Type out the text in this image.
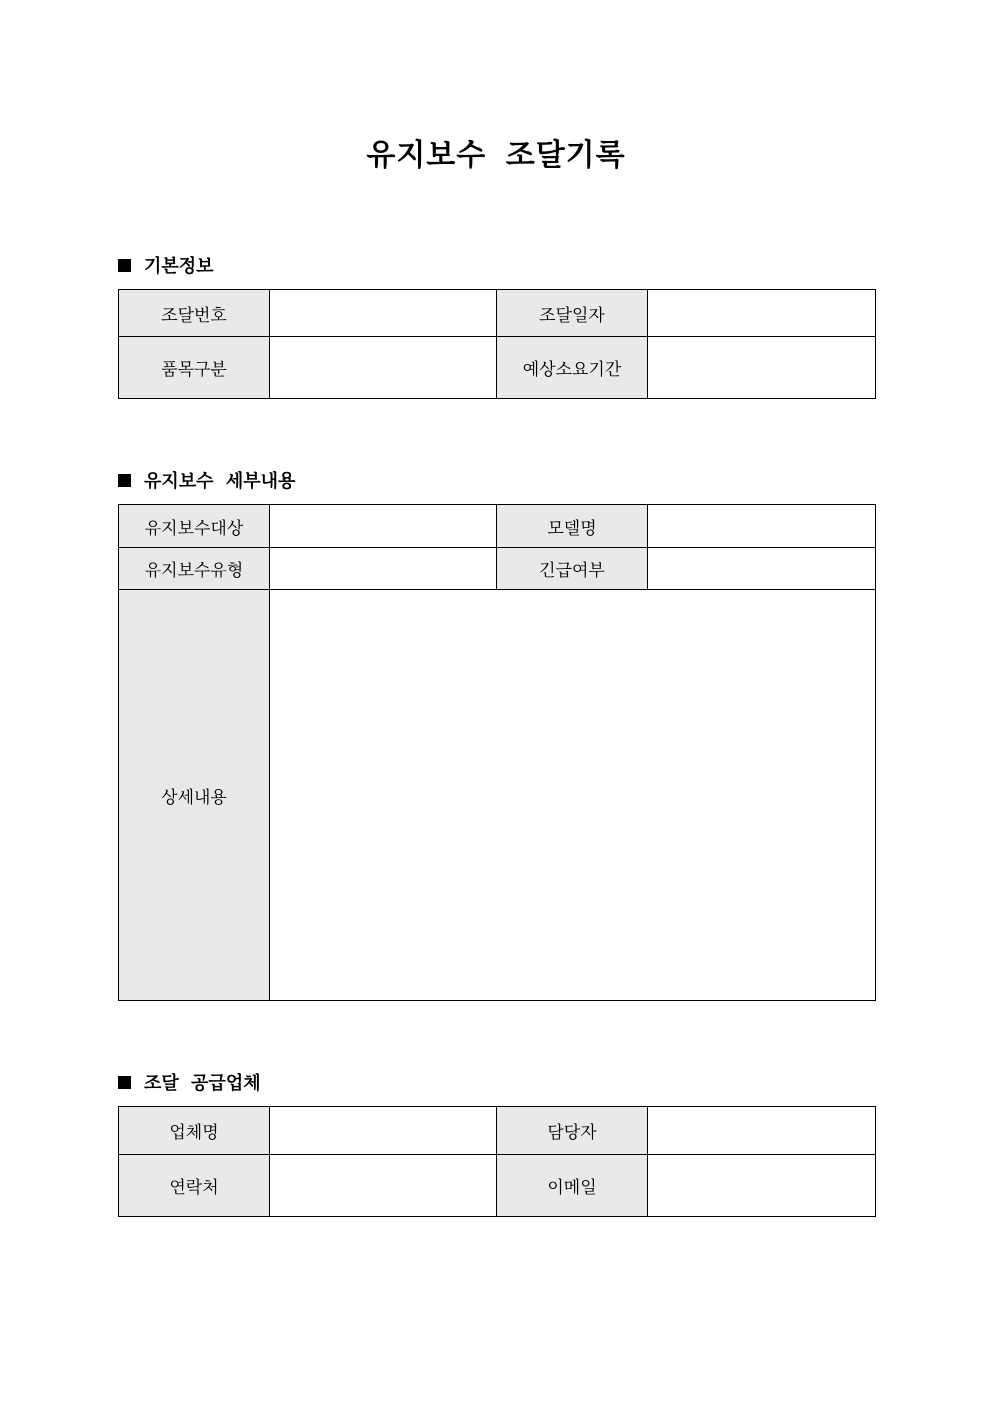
유지보수 조달기록
기본정보
조달번호		조달일자	
품목구분		예상소요기간	
유지보수 세부내용
유지보수대상		모델명	
유지보수유형		긴급여부	
상세내용			
조달 공급업체
업체명		담당자	
연락처		이메일	
